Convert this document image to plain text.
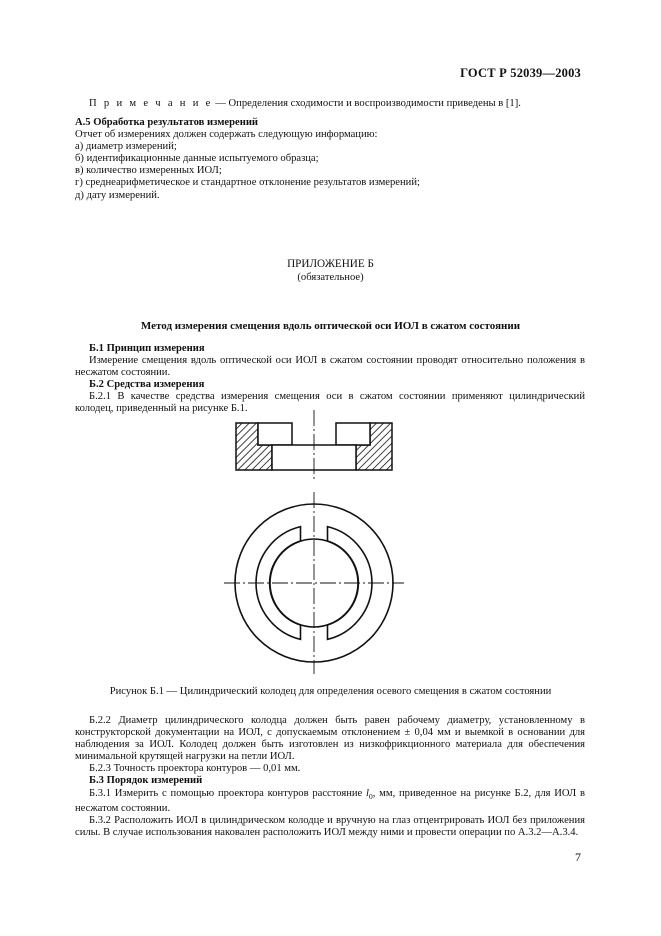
ГОСТ Р 52039—2003

П р и м е ч а н и е — Определения сходимости и воспроизводимости приведены в [1].

А.5 Обработка результатов измерений

Отчет об измерениях должен содержать следующую информацию:

а) диаметр измерений;

б) идентификационные данные испытуемого образца;

в) количество измеренных ИОЛ;

г) среднеарифметическое и стандартное отклонение результатов измерений;

д) дату измерений.

ПРИЛОЖЕНИЕ Б
(обязательное)
Метод измерения смещения вдоль оптической оси ИОЛ в сжатом состоянии

Б.1 Принцип измерения

Измерение смещения вдоль оптической оси ИОЛ в сжатом состоянии проводят относительно положения в несжатом состоянии.

Б.2 Средства измерения

Б.2.1 В качестве средства измерения смещения оси в сжатом состоянии применяют цилиндрический колодец, приведенный на рисунке Б.1.

Рисунок Б.1 — Цилиндрический колодец для определения осевого смещения в сжатом состоянии

Б.2.2 Диаметр цилиндрического колодца должен быть равен рабочему диаметру, установленному в конструкторской документации на ИОЛ, с допускаемым отклонением ± 0,04 мм и выемкой в основании для наблюдения за ИОЛ. Колодец должен быть изготовлен из низкофрикционного материала для обеспечения минимальной крутящей нагрузки на петли ИОЛ.

Б.2.3 Точность проектора контуров — 0,01 мм.

Б.3 Порядок измерений

Б.3.1 Измерить с помощью проектора контуров расстояние $l_0$, мм, приведенное на рисунке Б.2, для ИОЛ в несжатом состоянии.

Б.3.2 Расположить ИОЛ в цилиндрическом колодце и вручную на глаз отцентрировать ИОЛ без приложения силы. В случае использования наковален расположить ИОЛ между ними и провести операции по А.3.2—А.3.4.

7
